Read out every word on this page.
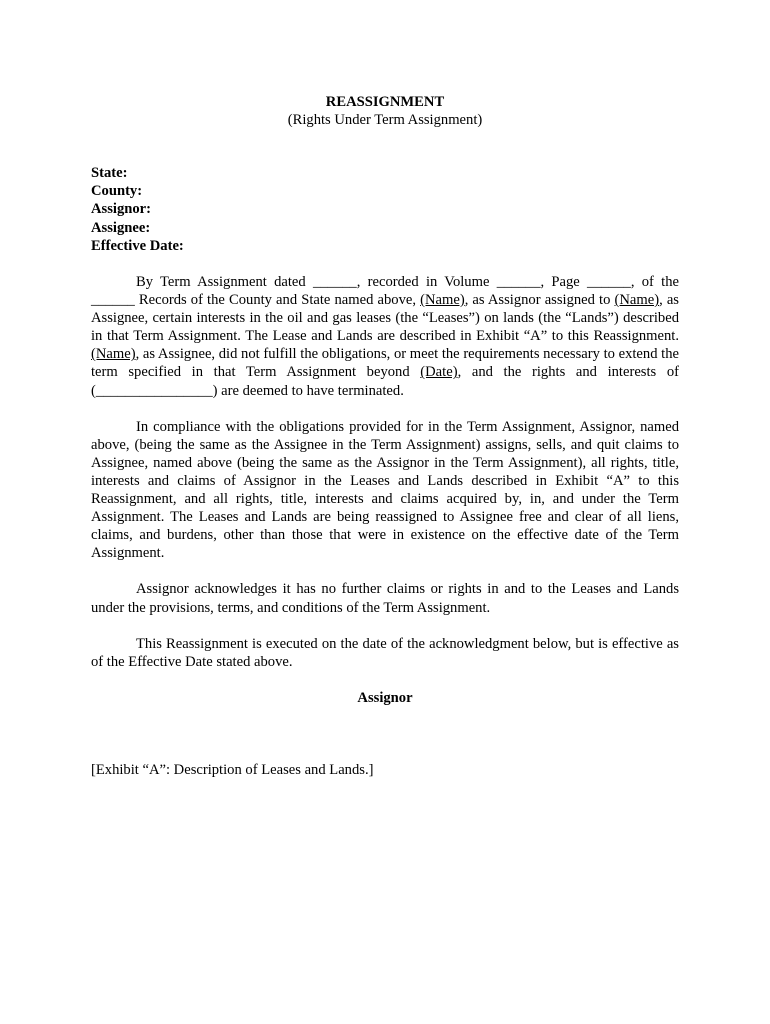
REASSIGNMENT

(Rights Under Term Assignment)

State:

County:

Assignor:

Assignee:

Effective Date:

By Term Assignment dated ______, recorded in Volume ______, Page ______, of the ______ Records of the County and State named above, (Name), as Assignor assigned to (Name), as Assignee, certain interests in the oil and gas leases (the “Leases”) on lands (the “Lands”) described in that Term Assignment. The Lease and Lands are described in Exhibit “A” to this Reassignment. (Name), as Assignee, did not fulfill the obligations, or meet the requirements necessary to extend the term specified in that Term Assignment beyond (Date), and the rights and interests of (________________) are deemed to have terminated.

In compliance with the obligations provided for in the Term Assignment, Assignor, named above, (being the same as the Assignee in the Term Assignment) assigns, sells, and quit claims to Assignee, named above (being the same as the Assignor in the Term Assignment), all rights, title, interests and claims of Assignor in the Leases and Lands described in Exhibit “A” to this Reassignment, and all rights, title, interests and claims acquired by, in, and under the Term Assignment. The Leases and Lands are being reassigned to Assignee free and clear of all liens, claims, and burdens, other than those that were in existence on the effective date of the Term Assignment.

Assignor acknowledges it has no further claims or rights in and to the Leases and Lands under the provisions, terms, and conditions of the Term Assignment.

This Reassignment is executed on the date of the acknowledgment below, but is effective as of the Effective Date stated above.

Assignor

[Exhibit “A”: Description of Leases and Lands.]
